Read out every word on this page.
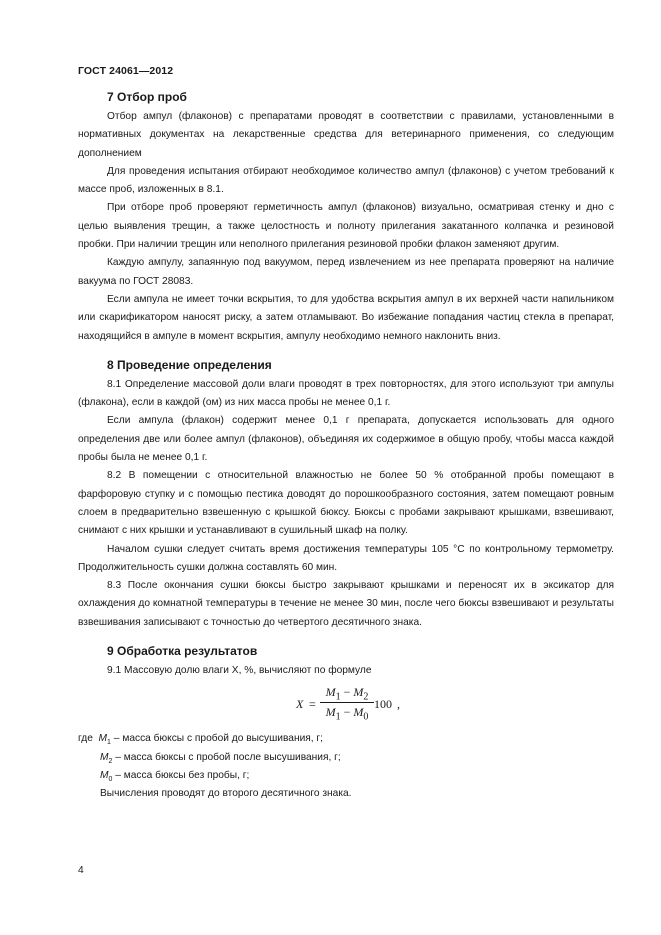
ГОСТ 24061—2012
7 Отбор проб

Отбор ампул (флаконов) с препаратами проводят в соответствии с правилами, установленными в нормативных документах на лекарственные средства для ветеринарного применения, со следующим дополнением

Для проведения испытания отбирают необходимое количество ампул (флаконов) с учетом требований к массе проб, изложенных в 8.1.

При отборе проб проверяют герметичность ампул (флаконов) визуально, осматривая стенку и дно с целью выявления трещин, а также целостность и полноту прилегания закатанного колпачка и резиновой пробки. При наличии трещин или неполного прилегания резиновой пробки флакон заменяют другим.

Каждую ампулу, запаянную под вакуумом, перед извлечением из нее препарата проверяют на наличие вакуума по ГОСТ 28083.

Если ампула не имеет точки вскрытия, то для удобства вскрытия ампул в их верхней части напильником или скарификатором наносят риску, а затем отламывают. Во избежание попадания частиц стекла в препарат, находящийся в ампуле в момент вскрытия, ампулу необходимо немного наклонить вниз.

8 Проведение определения

8.1 Определение массовой доли влаги проводят в трех повторностях, для этого используют три ампулы (флакона), если в каждой (ом) из них масса пробы не менее 0,1 г.

Если ампула (флакон) содержит менее 0,1 г препарата, допускается использовать для одного определения две или более ампул (флаконов), объединяя их содержимое в общую пробу, чтобы масса каждой пробы была не менее 0,1 г.

8.2 В помещении с относительной влажностью не более 50 % отобранной пробы помещают в фарфоровую ступку и с помощью пестика доводят до порошкообразного состояния, затем помещают ровным слоем в предварительно взвешенную с крышкой бюксу. Бюксы с пробами закрывают крышками, взвешивают, снимают с них крышки и устанавливают в сушильный шкаф на полку.

Началом сушки следует считать время достижения температуры 105 °С по контрольному термометру. Продолжительность сушки должна составлять 60 мин.

8.3 После окончания сушки бюксы быстро закрывают крышками и переносят их в эксикатор для охлаждения до комнатной температуры в течение не менее 30 мин, после чего бюксы взвешивают и результаты взвешивания записывают с точностью до четвертого десятичного знака.

9 Обработка результатов

9.1 Массовую долю влаги X, %, вычисляют по формуле

X =
$M_1 - M_2$
$M_1 - M_0$
100 ,
где $M_1$ – масса бюксы с пробой до высушивания, г;
$M_2$ – масса бюксы с пробой после высушивания, г;
$M_0$ – масса бюксы без пробы, г;

Вычисления проводят до второго десятичного знака.

4
